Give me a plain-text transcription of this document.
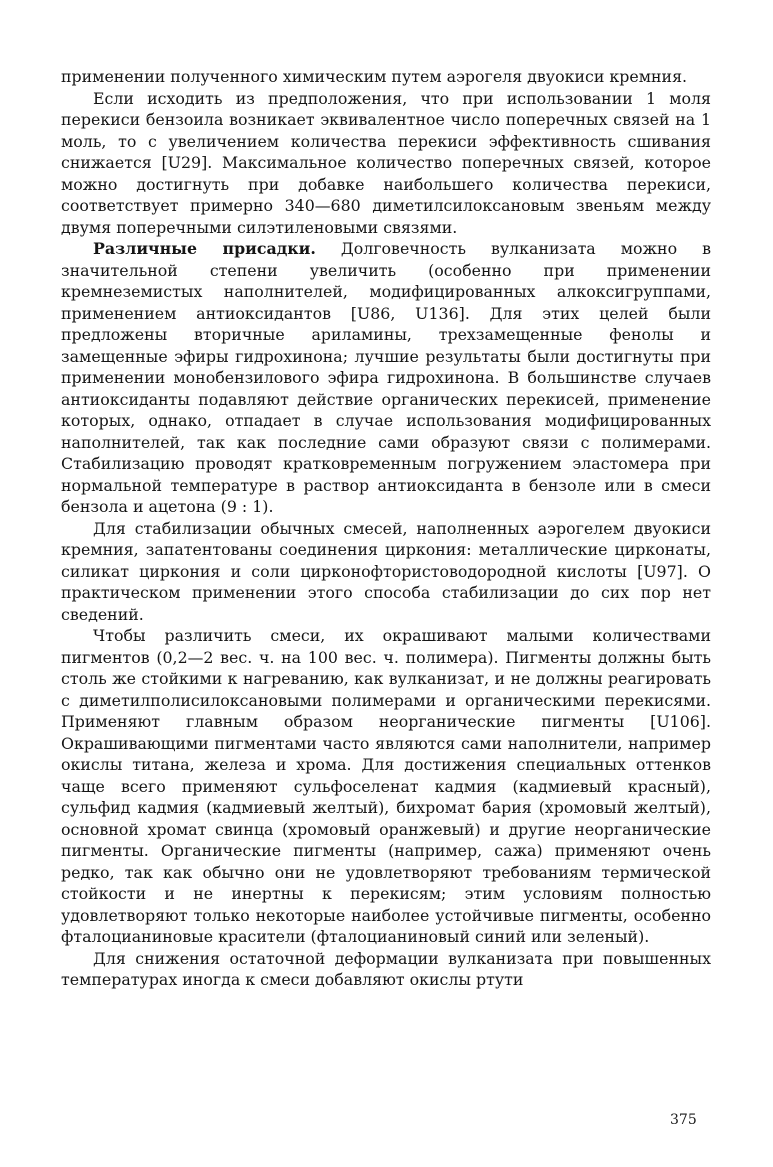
применении полученного химическим путем аэрогеля двуокиси кремния.

Если исходить из предположения, что при использовании 1 моля перекиси бензоила возникает эквивалентное число поперечных связей на 1 моль, то с увеличением количества перекиси эффективность сшивания снижается [U29]. Максимальное количество поперечных связей, которое можно достигнуть при добавке наибольшего количества перекиси, соответствует примерно 340—680 диметилсилоксановым звеньям между двумя поперечными силэтиленовыми связями.

Различные присадки. Долговечность вулканизата можно в значительной степени увеличить (особенно при применении кремнеземистых наполнителей, модифицированных алкоксигруппами, применением антиоксидантов [U86, U136]. Для этих целей были предложены вторичные ариламины, трехзамещенные фенолы и замещенные эфиры гидрохинона; лучшие результаты были достигнуты при применении монобензилового эфира гидрохинона. В большинстве случаев антиоксиданты подавляют действие органических перекисей, применение которых, однако, отпадает в случае использования модифицированных наполнителей, так как последние сами образуют связи с полимерами. Стабилизацию проводят кратковременным погружением эластомера при нормальной температуре в раствор антиоксиданта в бензоле или в смеси бензола и ацетона (9 : 1).

Для стабилизации обычных смесей, наполненных аэрогелем двуокиси кремния, запатентованы соединения циркония: металлические цирконаты, силикат циркония и соли цирконофтористоводородной кислоты [U97]. О практическом применении этого способа стабилизации до сих пор нет сведений.

Чтобы различить смеси, их окрашивают малыми количествами пигментов (0,2—2 вес. ч. на 100 вес. ч. полимера). Пигменты должны быть столь же стойкими к нагреванию, как вулканизат, и не должны реагировать с диметилполисилоксановыми полимерами и органическими перекисями. Применяют главным образом неорганические пигменты [U106]. Окрашивающими пигментами часто являются сами наполнители, например окислы титана, железа и хрома. Для достижения специальных оттенков чаще всего применяют сульфоселенат кадмия (кадмиевый красный), сульфид кадмия (кадмиевый желтый), бихромат бария (хромовый желтый), основной хромат свинца (хромовый оранжевый) и другие неорганические пигменты. Органические пигменты (например, сажа) применяют очень редко, так как обычно они не удовлетворяют требованиям термической стойкости и не инертны к перекисям; этим условиям полностью удовлетворяют только некоторые наиболее устойчивые пигменты, особенно фталоцианиновые красители (фталоцианиновый синий или зеленый).

Для снижения остаточной деформации вулканизата при повышенных температурах иногда к смеси добавляют окислы ртути

375
